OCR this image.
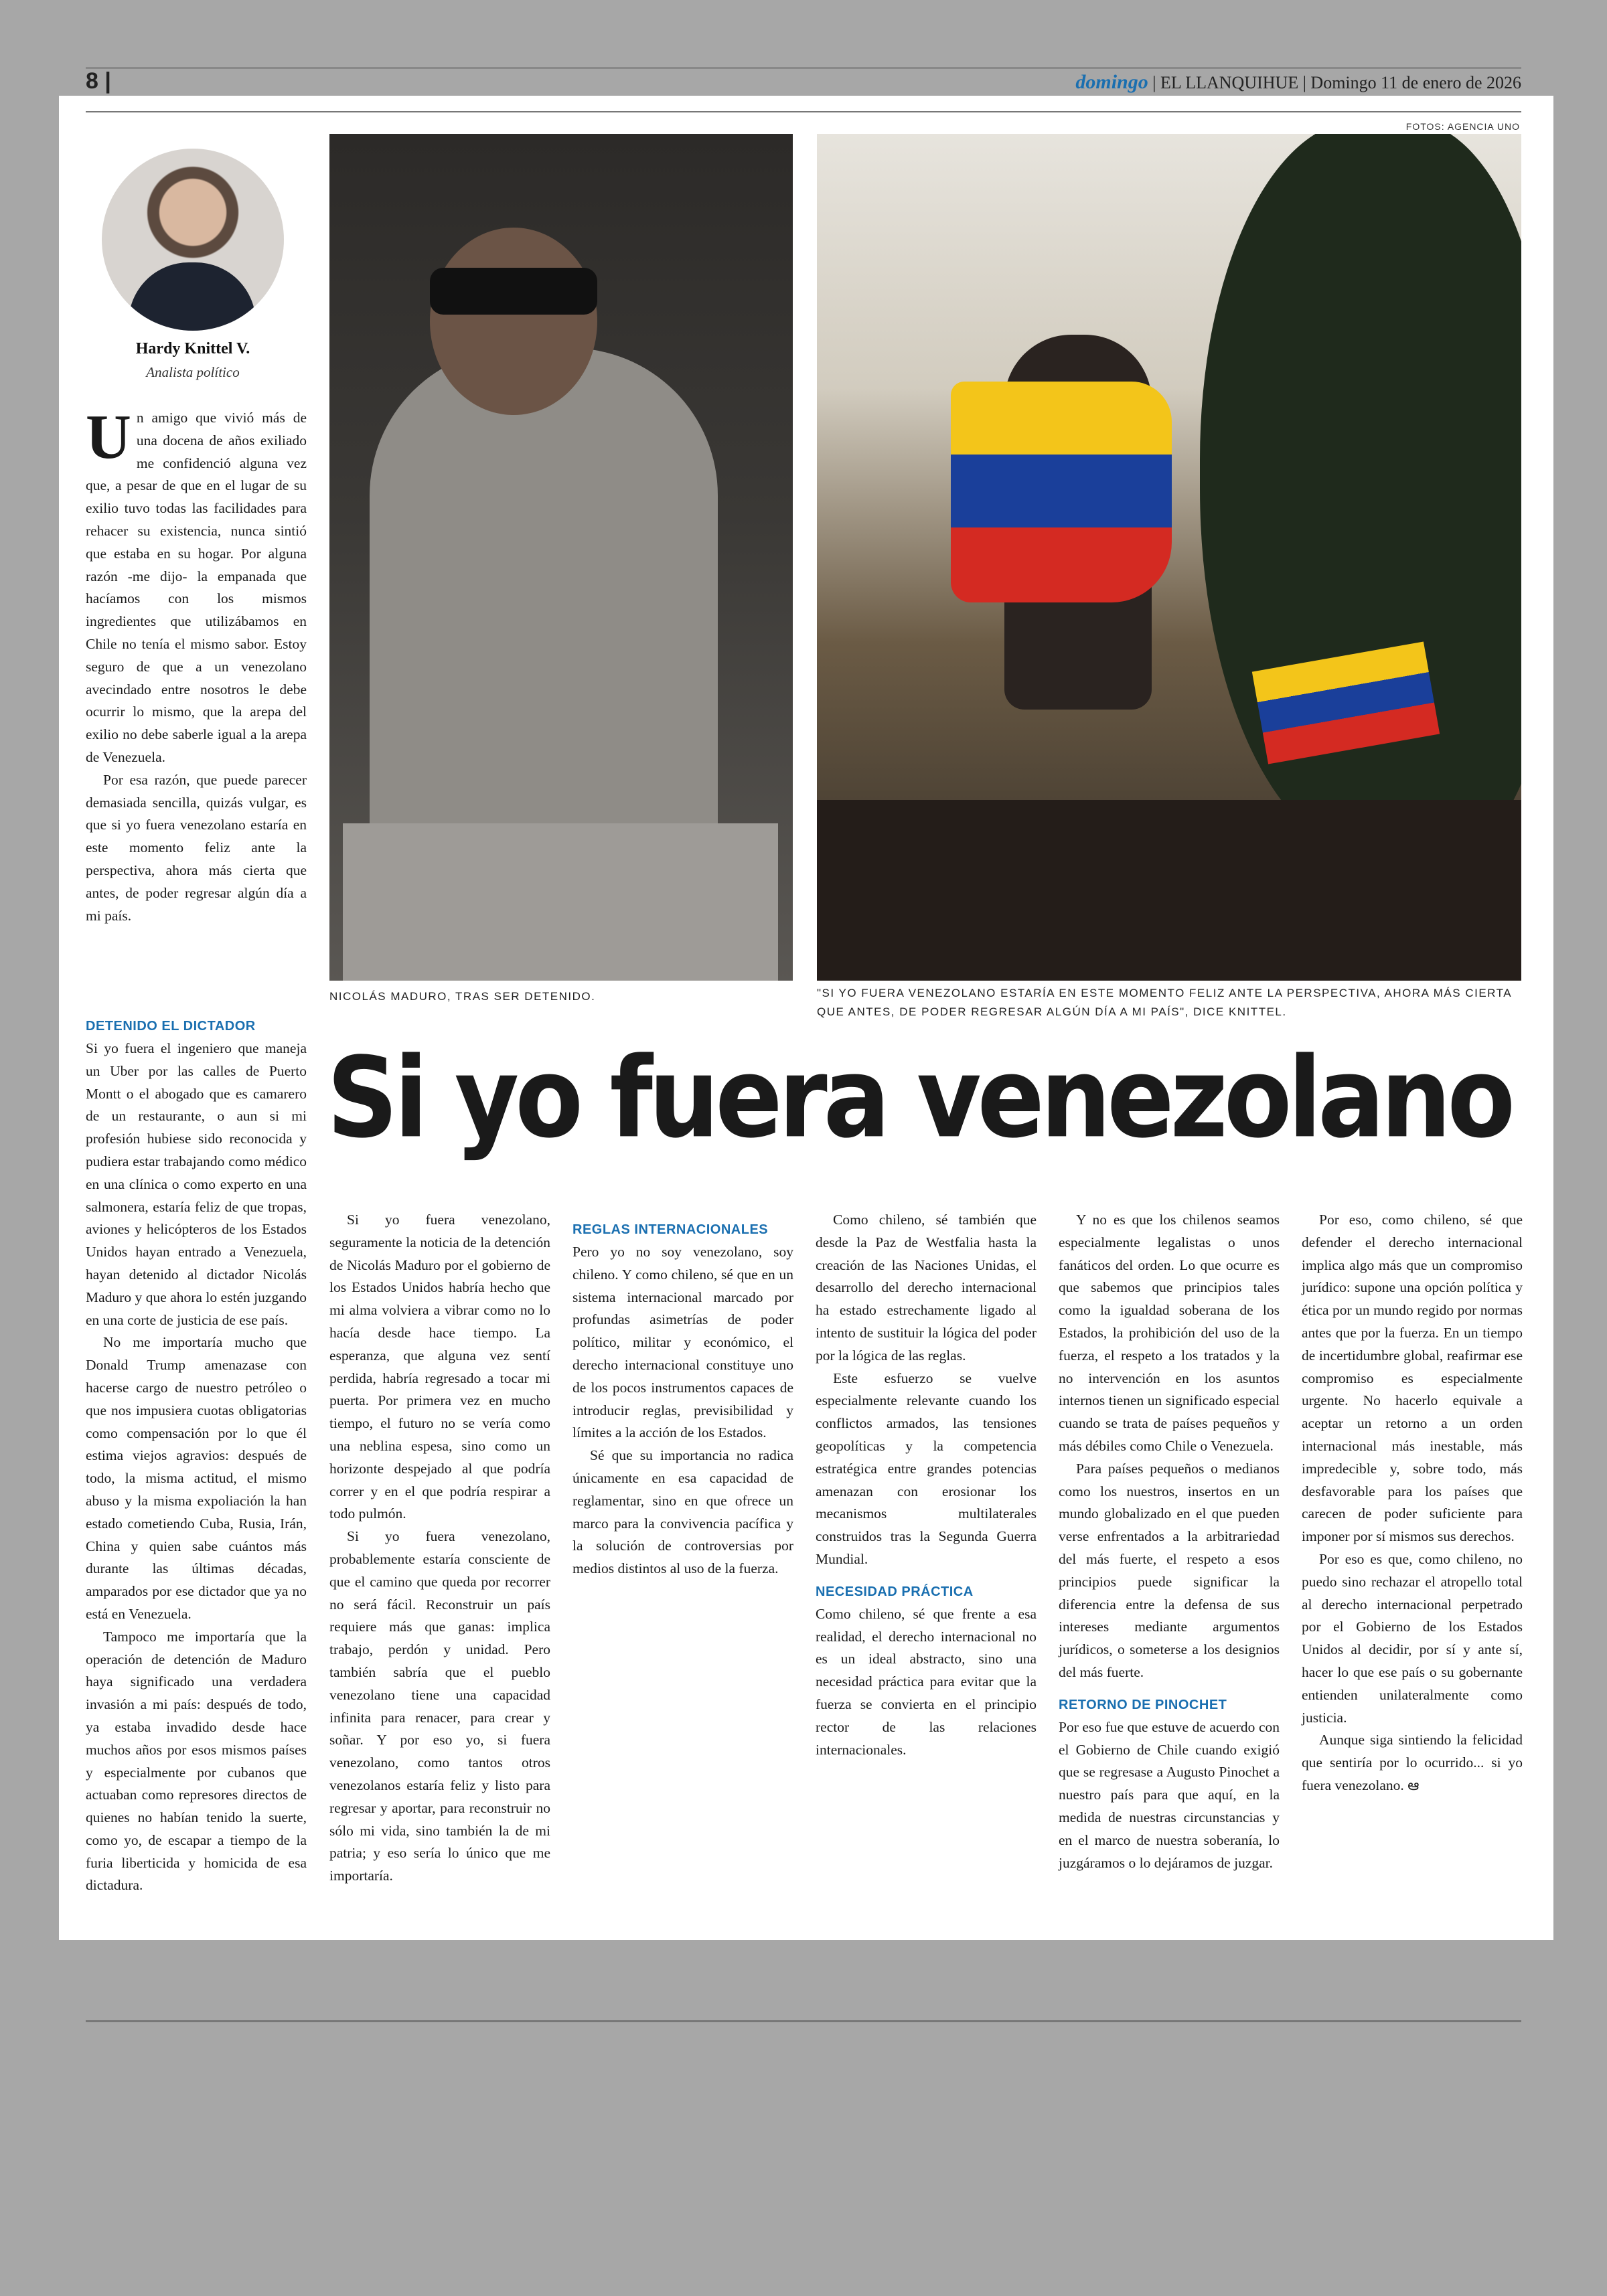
FOTOS: AGENCIA UNO
8 |	domingo | EL LLANQUIHUE | Domingo 11 de enero de 2026
Hardy Knittel V.
Analista político
NICOLÁS MADURO, TRAS SER DETENIDO.	"SI YO FUERA VENEZOLANO ESTARÍA EN ESTE MOMENTO FELIZ ANTE LA PERSPECTIVA, AHORA MÁS CIERTA QUE ANTES, DE PODER REGRESAR ALGÚN DÍA A MI PAÍS", DICE KNITTEL.
Si yo fuera venezolano

Un amigo que vivió más de una docena de años exiliado me confidenció alguna vez que, a pesar de que en el lugar de su exilio tuvo todas las facilidades para rehacer su existencia, nunca sintió que estaba en su hogar. Por alguna razón -me dijo- la empanada que hacíamos con los mismos ingredientes que utilizábamos en Chile no tenía el mismo sabor. Estoy seguro de que a un venezolano avecindado entre nosotros le debe ocurrir lo mismo, que la arepa del exilio no debe saberle igual a la arepa de Venezuela.

Por esa razón, que puede parecer demasiada sencilla, quizás vulgar, es que si yo fuera venezolano estaría en este momento feliz ante la perspectiva, ahora más cierta que antes, de poder regresar algún día a mi país.

DETENIDO EL DICTADOR

Si yo fuera el ingeniero que maneja un Uber por las calles de Puerto Montt o el abogado que es camarero de un restaurante, o aun si mi profesión hubiese sido reconocida y pudiera estar trabajando como médico en una clínica o como experto en una salmonera, estaría feliz de que tropas, aviones y helicópteros de los Estados Unidos hayan entrado a Venezuela, hayan detenido al dictador Nicolás Maduro y que ahora lo estén juzgando en una corte de justicia de ese país.

No me importaría mucho que Donald Trump amenazase con hacerse cargo de nuestro petróleo o que nos impusiera cuotas obligatorias como compensación por lo que él estima viejos agravios: después de todo, la misma actitud, el mismo abuso y la misma expoliación la han estado cometiendo Cuba, Rusia, Irán, China y quien sabe cuántos más durante las últimas décadas, amparados por ese dictador que ya no está en Venezuela.

Tampoco me importaría que la operación de detención de Maduro haya significado una verdadera invasión a mi país: después de todo, ya estaba invadido desde hace muchos años por esos mismos países y especialmente por cubanos que actuaban como represores directos de quienes no habían tenido la suerte, como yo, de escapar a tiempo de la furia liberticida y homicida de esa dictadura.

Si yo fuera venezolano, seguramente la noticia de la detención de Nicolás Maduro por el gobierno de los Estados Unidos habría hecho que mi alma volviera a vibrar como no lo hacía desde hace tiempo. La esperanza, que alguna vez sentí perdida, habría regresado a tocar mi puerta. Por primera vez en mucho tiempo, el futuro no se vería como una neblina espesa, sino como un horizonte despejado al que podría correr y en el que podría respirar a todo pulmón.

Si yo fuera venezolano, probablemente estaría consciente de que el camino que queda por recorrer no será fácil. Reconstruir un país requiere más que ganas: implica trabajo, perdón y unidad. Pero también sabría que el pueblo venezolano tiene una capacidad infinita para renacer, para crear y soñar. Y por eso yo, si fuera venezolano, como tantos otros venezolanos estaría feliz y listo para regresar y aportar, para reconstruir no sólo mi vida, sino también la de mi patria; y eso sería lo único que me importaría.

REGLAS INTERNACIONALES

Pero yo no soy venezolano, soy chileno. Y como chileno, sé que en un sistema internacional marcado por profundas asimetrías de poder político, militar y económico, el derecho internacional constituye uno de los pocos instrumentos capaces de introducir reglas, previsibilidad y límites a la acción de los Estados.

Sé que su importancia no radica únicamente en esa capacidad de reglamentar, sino en que ofrece un marco para la convivencia pacífica y la solución de controversias por medios distintos al uso de la fuerza.

Como chileno, sé también que desde la Paz de Westfalia hasta la creación de las Naciones Unidas, el desarrollo del derecho internacional ha estado estrechamente ligado al intento de sustituir la lógica del poder por la lógica de las reglas.

Este esfuerzo se vuelve especialmente relevante cuando los conflictos armados, las tensiones geopolíticas y la competencia estratégica entre grandes potencias amenazan con erosionar los mecanismos multilaterales construidos tras la Segunda Guerra Mundial.

NECESIDAD PRÁCTICA

Como chileno, sé que frente a esa realidad, el derecho internacional no es un ideal abstracto, sino una necesidad práctica para evitar que la fuerza se convierta en el principio rector de las relaciones internacionales.

Y no es que los chilenos seamos especialmente legalistas o unos fanáticos del orden. Lo que ocurre es que sabemos que principios tales como la igualdad soberana de los Estados, la prohibición del uso de la fuerza, el respeto a los tratados y la no intervención en los asuntos internos tienen un significado especial cuando se trata de países pequeños y más débiles como Chile o Venezuela.

Para países pequeños o medianos como los nuestros, insertos en un mundo globalizado en el que pueden verse enfrentados a la arbitrariedad del más fuerte, el respeto a esos principios puede significar la diferencia entre la defensa de sus intereses mediante argumentos jurídicos, o someterse a los designios del más fuerte.

RETORNO DE PINOCHET

Por eso fue que estuve de acuerdo con el Gobierno de Chile cuando exigió que se regresase a Augusto Pinochet a nuestro país para que aquí, en la medida de nuestras circunstancias y en el marco de nuestra soberanía, lo juzgáramos o lo dejáramos de juzgar.

Por eso, como chileno, sé que defender el derecho internacional implica algo más que un compromiso jurídico: supone una opción política y ética por un mundo regido por normas antes que por la fuerza. En un tiempo de incertidumbre global, reafirmar ese compromiso es especialmente urgente. No hacerlo equivale a aceptar un retorno a un orden internacional más inestable, más impredecible y, sobre todo, más desfavorable para los países que carecen de poder suficiente para imponer por sí mismos sus derechos.

Por eso es que, como chileno, no puedo sino rechazar el atropello total al derecho internacional perpetrado por el Gobierno de los Estados Unidos al decidir, por sí y ante sí, hacer lo que ese país o su gobernante entienden unilateralmente como justicia.

Aunque siga sintiendo la felicidad que sentiría por lo ocurrido... si yo fuera venezolano. ఆ
